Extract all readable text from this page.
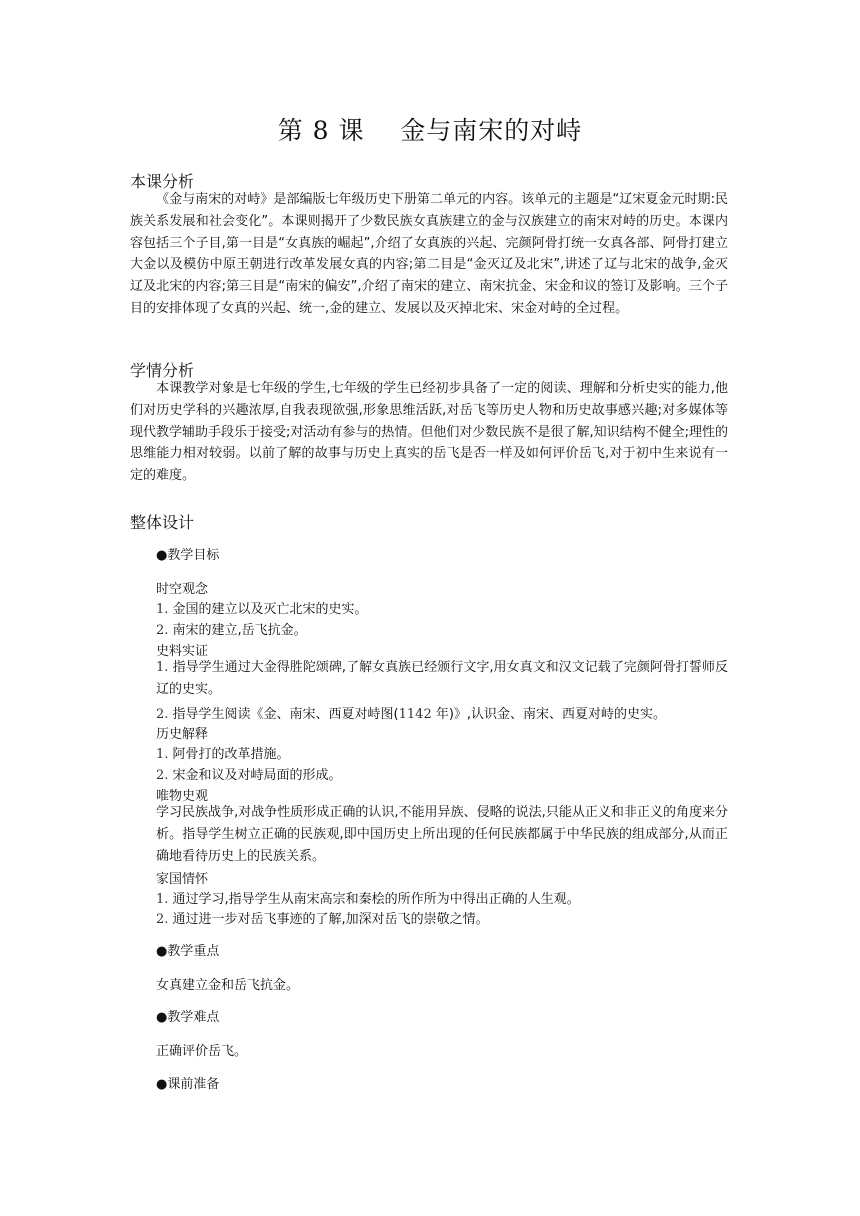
第 8 课    金与南宋的对峙
本课分析
《金与南宋的对峙》是部编版七年级历史下册第二单元的内容。该单元的主题是“辽宋夏金元时期:民族关系发展和社会变化”。本课则揭开了少数民族女真族建立的金与汉族建立的南宋对峙的历史。本课内容包括三个子目,第一目是“女真族的崛起”,介绍了女真族的兴起、完颜阿骨打统一女真各部、阿骨打建立大金以及模仿中原王朝进行改革发展女真的内容;第二目是“金灭辽及北宋”,讲述了辽与北宋的战争,金灭辽及北宋的内容;第三目是“南宋的偏安”,介绍了南宋的建立、南宋抗金、宋金和议的签订及影响。三个子目的安排体现了女真的兴起、统一,金的建立、发展以及灭掉北宋、宋金对峙的全过程。
学情分析
本课教学对象是七年级的学生,七年级的学生已经初步具备了一定的阅读、理解和分析史实的能力,他们对历史学科的兴趣浓厚,自我表现欲强,形象思维活跃,对岳飞等历史人物和历史故事感兴趣;对多媒体等现代教学辅助手段乐于接受;对活动有参与的热情。但他们对少数民族不是很了解,知识结构不健全;理性的思维能力相对较弱。以前了解的故事与历史上真实的岳飞是否一样及如何评价岳飞,对于初中生来说有一定的难度。
整体设计
●教学目标
时空观念
1. 金国的建立以及灭亡北宋的史实。
2. 南宋的建立,岳飞抗金。
史料实证
1. 指导学生通过大金得胜陀颂碑,了解女真族已经颁行文字,用女真文和汉文记载了完颜阿骨打誓师反辽的史实。
2. 指导学生阅读《金、南宋、西夏对峙图(1142 年)》,认识金、南宋、西夏对峙的史实。
历史解释
1. 阿骨打的改革措施。
2. 宋金和议及对峙局面的形成。
唯物史观
学习民族战争,对战争性质形成正确的认识,不能用异族、侵略的说法,只能从正义和非正义的角度来分析。指导学生树立正确的民族观,即中国历史上所出现的任何民族都属于中华民族的组成部分,从而正确地看待历史上的民族关系。
家国情怀
1. 通过学习,指导学生从南宋高宗和秦桧的所作所为中得出正确的人生观。
2. 通过进一步对岳飞事迹的了解,加深对岳飞的崇敬之情。
●教学重点
女真建立金和岳飞抗金。
●教学难点
正确评价岳飞。
●课前准备
